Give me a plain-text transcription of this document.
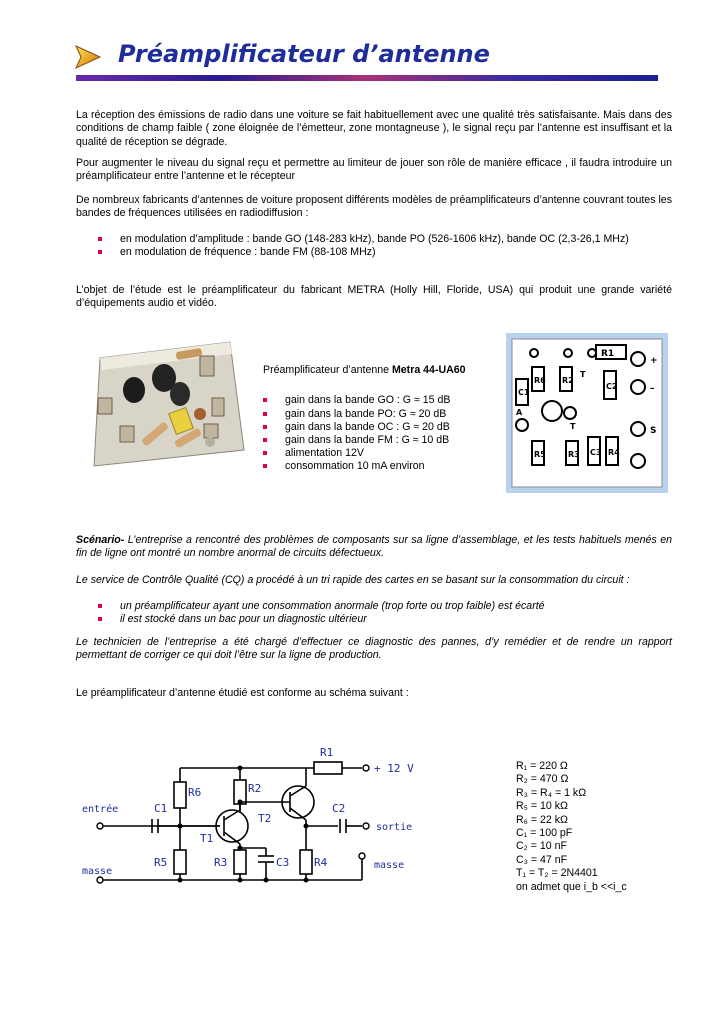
Préamplificateur d’antenne

La réception des émissions de radio dans une voiture se fait habituellement avec une qualité très satisfaisante. Mais dans des conditions de champ faible ( zone éloignée de l’émetteur, zone montagneuse ), le signal reçu par l’antenne est insuffisant et la qualité de réception se dégrade.

Pour augmenter le niveau du signal reçu et permettre au limiteur de jouer son rôle de manière efficace , il faudra introduire un préamplificateur entre l’antenne et le récepteur

De nombreux fabricants d’antennes de voiture proposent différents modèles de préamplificateurs d’antenne couvrant toutes les bandes de fréquences utilisées en radiodiffusion :

en modulation d’amplitude : bande GO (148-283 kHz), bande PO (526-1606 kHz), bande OC (2,3-26,1 MHz)
en modulation de fréquence : bande FM (88-108 MHz)

L’objet de l’étude est le préamplificateur du fabricant METRA (Holly Hill, Floride, USA) qui produit une grande variété d’équipements audio et vidéo.

R1
R6 R2
C1
C2
T
T
R5	R3 C3 R4
+
–
A
S

Préamplificateur d’antenne Metra 44-UA60

gain dans la bande GO : G ≈ 15 dB
gain dans la bande PO: G ≈ 20 dB
gain dans la bande OC : G ≈ 20 dB
gain dans la bande FM : G ≈ 10 dB
alimentation 12V
consommation 10 mA environ

Scénario- L’entreprise a rencontré des problèmes de composants sur sa ligne d’assemblage, et les tests habituels menés en fin de ligne ont montré un nombre anormal de circuits défectueux.

Le service de Contrôle Qualité (CQ) a procédé à un tri rapide des cartes en se basant sur la consommation du circuit :

un préamplificateur ayant une consommation anormale (trop forte ou trop faible) est écarté
il est stocké dans un bac pour un diagnostic ultérieur

Le technicien de l’entreprise a été chargé d’effectuer ce diagnostic des pannes, d’y remédier et de rendre un rapport permettant de corriger ce qui doit l’être sur la ligne de production.

Le préamplificateur d’antenne étudié est conforme au schéma suivant :

R1
R6	R2
C1
T1
T2
C2
R5	R3	C3 R4
+ 12 V
entrée
sortie
masse
masse
R₁ = 220 Ω
R₂ = 470 Ω
R₃ = R₄ = 1 kΩ
R₅ = 10 kΩ
R₆ = 22 kΩ
C₁ = 100 pF
C₂ = 10 nF
C₃ = 47 nF
T₁ = T₂ = 2N4401
on admet que i_b <<i_c
